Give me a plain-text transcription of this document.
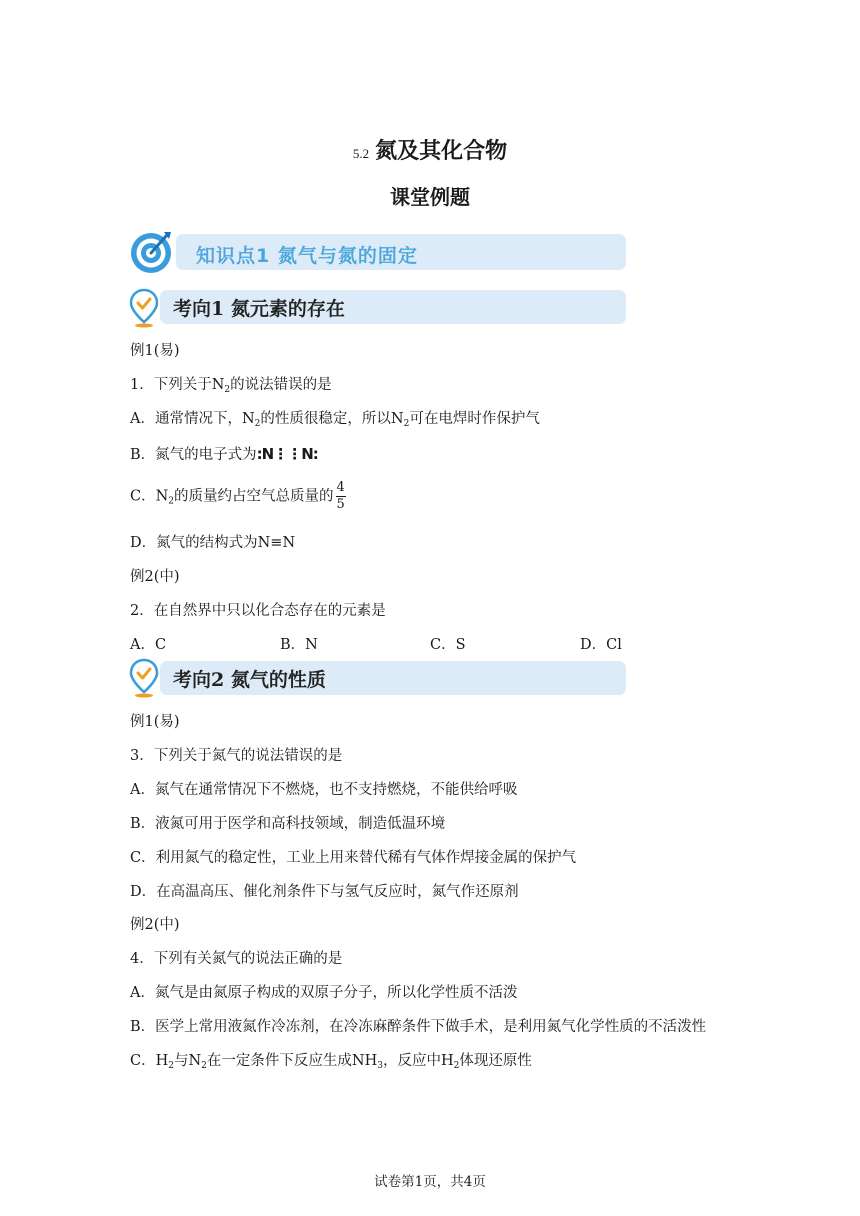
5.2 氮及其化合物
课堂例题
知识点1 氮气与氮的固定
考向1 氮元素的存在
例1(易)
1．下列关于$N_2$的说法错误的是
A．通常情况下，$N_2$的性质很稳定，所以$N_2$可在电焊时作保护气
B．氮气的电子式为:N⋮⋮N:
C．$N_2$的质量约占空气总质量的 $\frac{4}{5}$
D．氮气的结构式为N≡N
例2(中)
2．在自然界中只以化合态存在的元素是
A．C	B．N	C．S	D．Cl
考向2 氮气的性质
例1(易)
3．下列关于氮气的说法错误的是
A．氮气在通常情况下不燃烧，也不支持燃烧，不能供给呼吸
B．液氮可用于医学和高科技领域，制造低温环境
C．利用氮气的稳定性，工业上用来替代稀有气体作焊接金属的保护气
D．在高温高压、催化剂条件下与氢气反应时，氮气作还原剂
例2(中)
4．下列有关氮气的说法正确的是
A．氮气是由氮原子构成的双原子分子，所以化学性质不活泼
B．医学上常用液氮作冷冻剂，在冷冻麻醉条件下做手术，是利用氮气化学性质的不活泼性
C．$H_2$与$N_2$在一定条件下反应生成$NH_3$，反应中$H_2$体现还原性
试卷第1页，共4页
